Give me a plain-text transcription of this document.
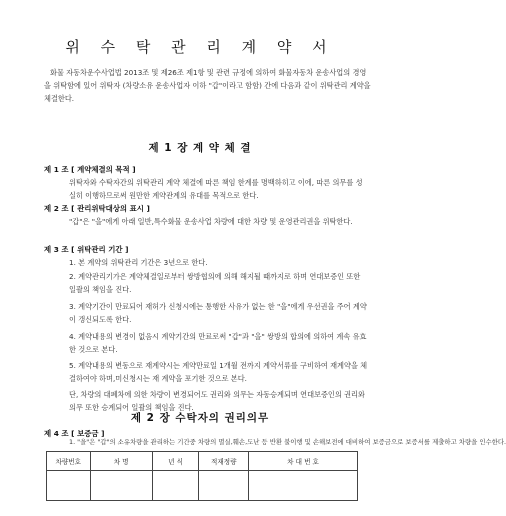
위 수 탁 관 리 계 약 서
화물 자동차운수사업법 2013조 및 제26조 제1항 및 관련 규정에 의하여 화물자동차 운송사업의 경영을 위탁함에 있어 위탁자 (차량소유 운송사업자 이하 "갑"이라고 함함) 간에 다음과 같이 위탁관리 계약을 체결한다.
제 1 장 계 약 체 결
제 1 조 [ 계약체결의 목적 ]
위탁자와 수탁자간의 위탁관리 계약 체결에 따른 책임 한계를 명백하히고 이에, 따른 의무를 성실히 이행하므로써 원만한 계약관계의 유대를 목적으로 한다.
제 2 조 [ 관리위탁대상의 표시 ]
"갑"은 "을"에게 아래 일반,특수화물 운송사업 차량에 대한 차량 및 운영관리권을 위탁한다.
제 3 조 [ 위탁관리 기간 ]
1. 본 계약의 위탁관리 기간은 3년으로 한다.
2. 계약관리기가은 계약체결일로부터 쌍방협의에 의해 해지될 때까지로 하며 연대보증인 또한 일괄의 책임을 진다.
3. 계약기간이 만료되어 재허가 신청시에는 통행한 사유가 없는 한 "을"에게 우선권을 주어 계약이 갱신되도록 한다.
4. 계약내용의 변경이 없음시 계약기간의 만료로써 "갑"과 "을" 쌍방의 합의에 의하여 계속 유효한 것으로 본다.
5. 계약내용의 변동으로 재계약시는 계약만료일 1개월 전까지 계약서류를 구비하여 재계약을 체결하여야 하며,미신청시는 재 계약을 포기한 것으로 본다.
단, 차량의 대폐차에 의한 차량이 변경되어도 권리와 의무는 자동승계되며 연대보증인의 권리와 의무 또한 승계되어 일괄의 책임을 진다.
제 2 장 수탁자의 권리의무
제 4 조 [ 보증금 ]
1. "을"은 "갑"의 소유차량을 관리하는 기간중 차량의 멸실,훼손,도난 등 반환 불이행 및 손해보전에 대비하여 보증금으로 보증서를 제출하고 차량을 인수한다.
차량번호	차 명	년 식	적재정량	차 대 번 호
